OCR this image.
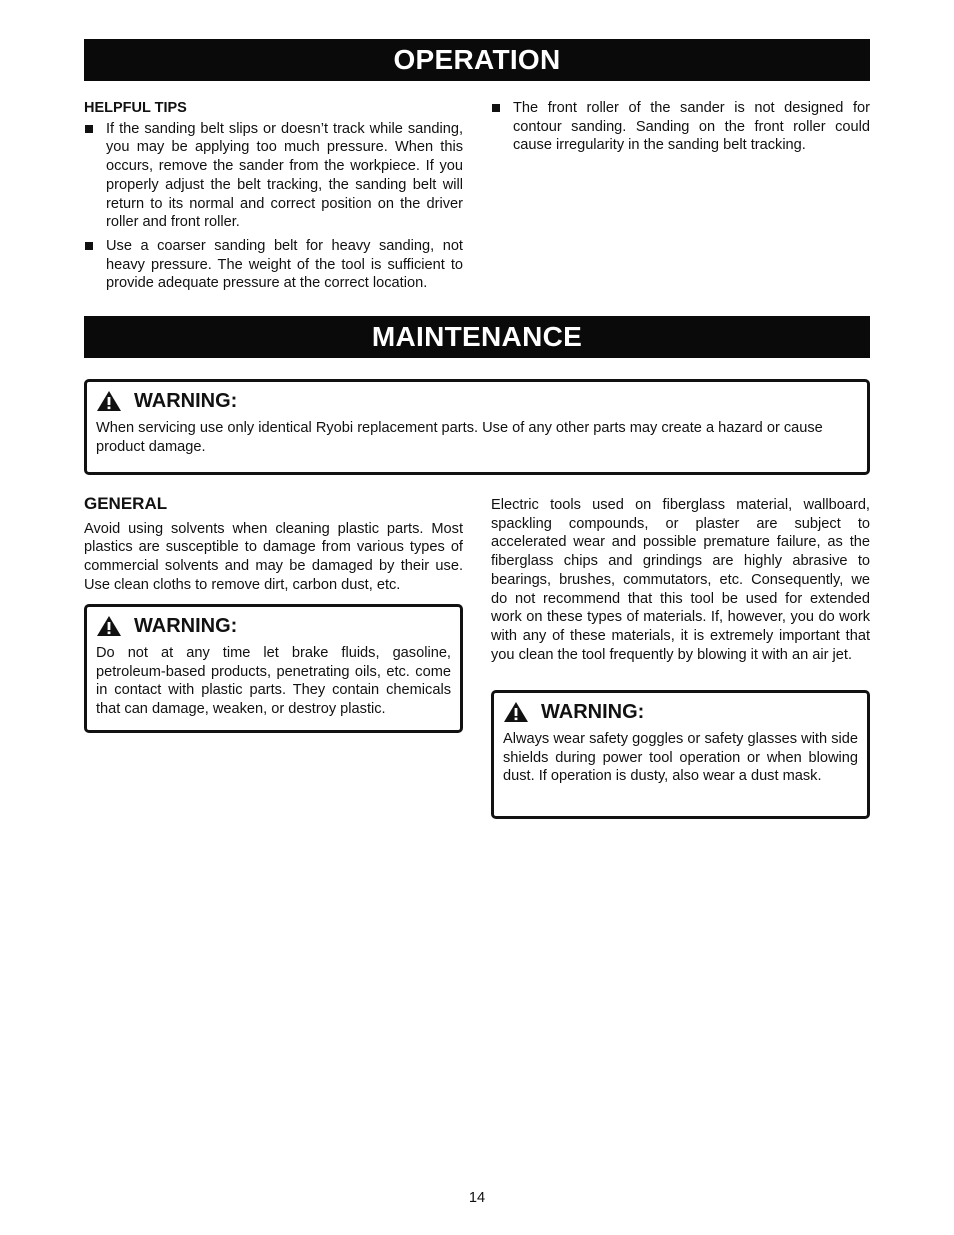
OPERATION
HELPFUL TIPS
If the sanding belt slips or doesn’t track while sanding, you may be applying too much pressure. When this occurs, remove the sander from the workpiece. If you properly adjust the belt tracking, the sanding belt will return to its normal and correct position on the driver roller and front roller.
Use a coarser sanding belt for heavy sanding, not heavy pressure. The weight of the tool is sufficient to provide adequate pressure at the correct location.
The front roller of the sander is not designed for contour sanding. Sanding on the front roller could cause irregularity in the sanding belt tracking.
MAINTENANCE
WARNING:
When servicing use only identical Ryobi replacement parts. Use of any other parts may create a hazard or cause product damage.
GENERAL

Avoid using solvents when cleaning plastic parts. Most plastics are susceptible to damage from various types of commercial solvents and may be damaged by their use. Use clean cloths to remove dirt, carbon dust, etc.

WARNING:
Do not at any time let brake fluids, gasoline, petroleum-based products, penetrating oils, etc. come in contact with plastic parts. They contain chemicals that can damage, weaken, or destroy plastic.

Electric tools used on fiberglass material, wallboard, spackling compounds, or plaster are subject to accelerated wear and possible premature failure, as the fiberglass chips and grindings are highly abrasive to bearings, brushes, commutators, etc. Consequently, we do not recommend that this tool be used for extended work on these types of materials. If, however, you do work with any of these materials, it is extremely important that you clean the tool frequently by blowing it with an air jet.

WARNING:
Always wear safety goggles or safety glasses with side shields during power tool operation or when blowing dust. If operation is dusty, also wear a dust mask.
14
